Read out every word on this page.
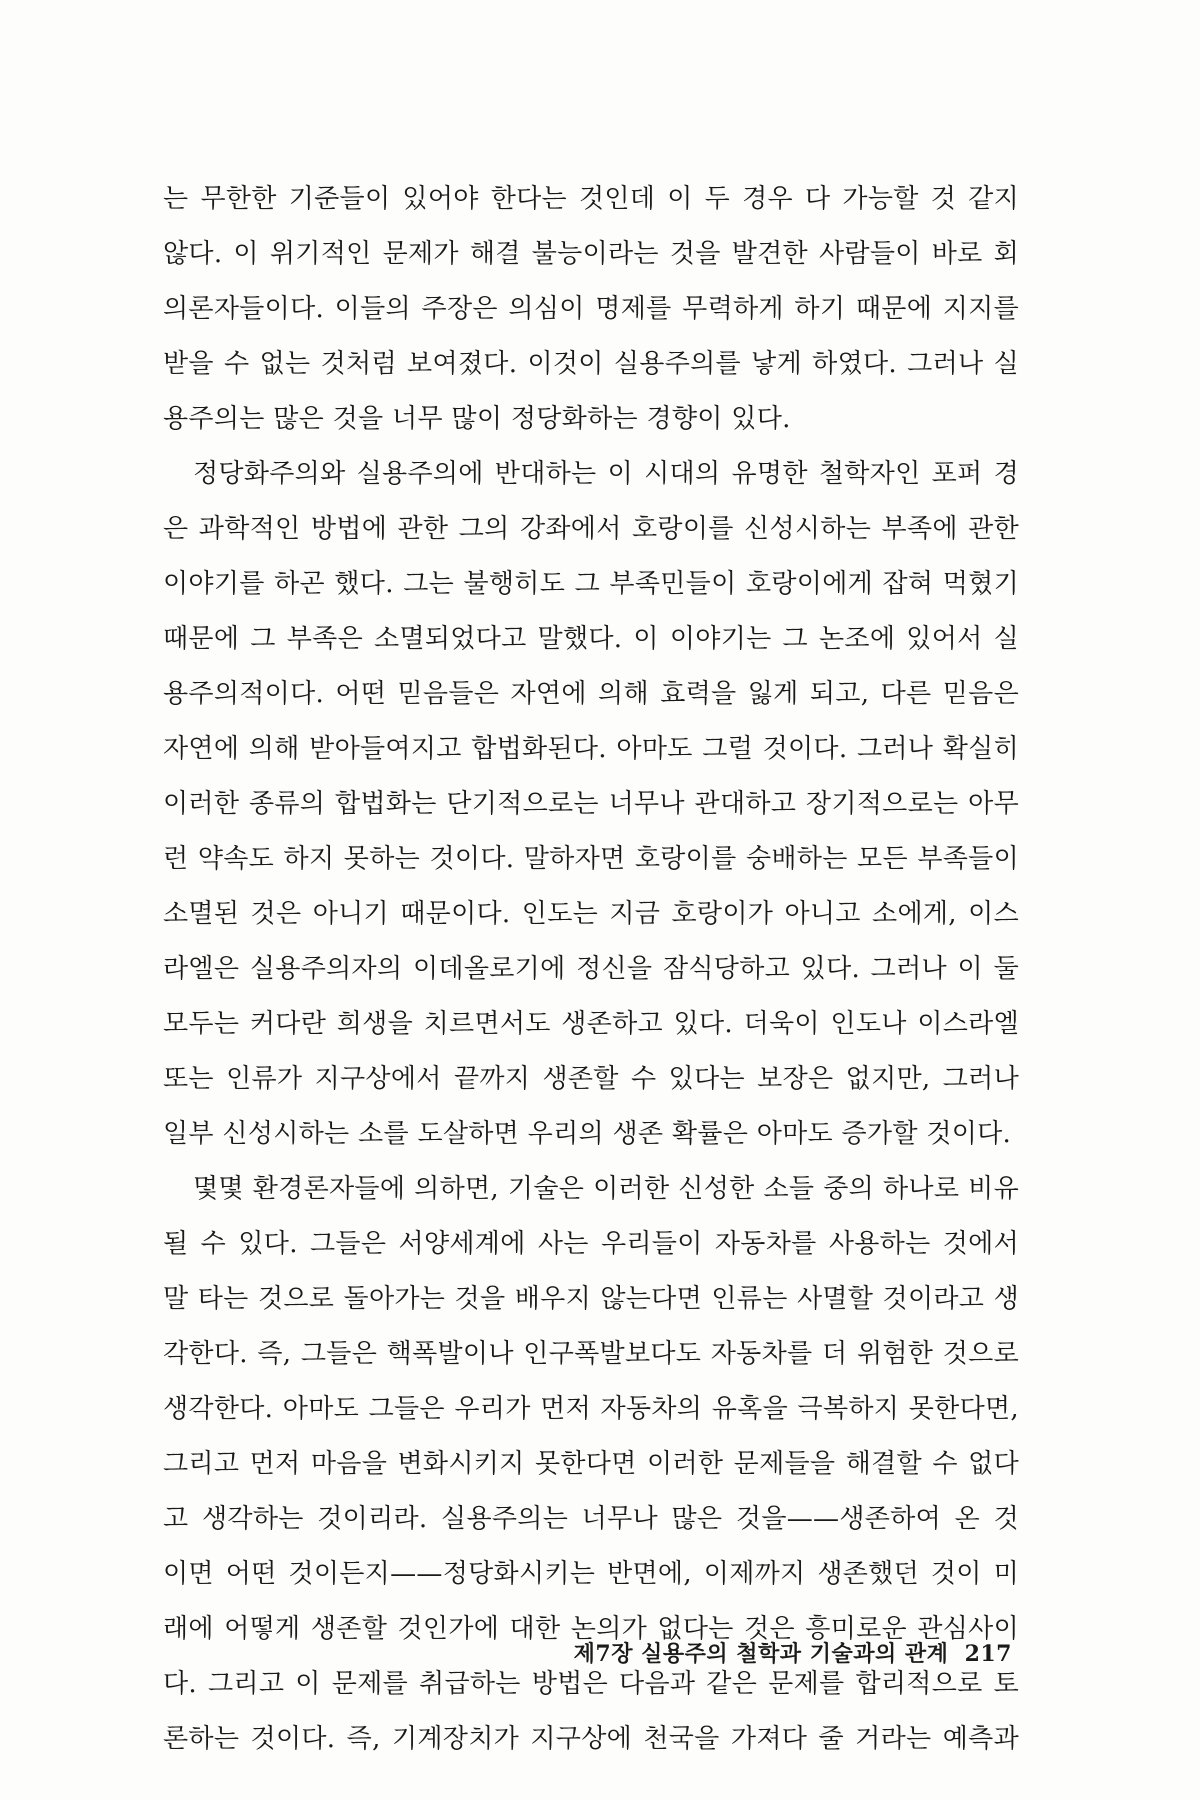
는 무한한 기준들이 있어야 한다는 것인데 이 두 경우 다 가능할 것 같지
않다. 이 위기적인 문제가 해결 불능이라는 것을 발견한 사람들이 바로 회
의론자들이다. 이들의 주장은 의심이 명제를 무력하게 하기 때문에 지지를
받을 수 없는 것처럼 보여졌다. 이것이 실용주의를 낳게 하였다. 그러나 실
용주의는 많은 것을 너무 많이 정당화하는 경향이 있다.
정당화주의와 실용주의에 반대하는 이 시대의 유명한 철학자인 포퍼 경
은 과학적인 방법에 관한 그의 강좌에서 호랑이를 신성시하는 부족에 관한
이야기를 하곤 했다. 그는 불행히도 그 부족민들이 호랑이에게 잡혀 먹혔기
때문에 그 부족은 소멸되었다고 말했다. 이 이야기는 그 논조에 있어서 실
용주의적이다. 어떤 믿음들은 자연에 의해 효력을 잃게 되고, 다른 믿음은
자연에 의해 받아들여지고 합법화된다. 아마도 그럴 것이다. 그러나 확실히
이러한 종류의 합법화는 단기적으로는 너무나 관대하고 장기적으로는 아무
런 약속도 하지 못하는 것이다. 말하자면 호랑이를 숭배하는 모든 부족들이
소멸된 것은 아니기 때문이다. 인도는 지금 호랑이가 아니고 소에게, 이스
라엘은 실용주의자의 이데올로기에 정신을 잠식당하고 있다. 그러나 이 둘
모두는 커다란 희생을 치르면서도 생존하고 있다. 더욱이 인도나 이스라엘
또는 인류가 지구상에서 끝까지 생존할 수 있다는 보장은 없지만, 그러나
일부 신성시하는 소를 도살하면 우리의 생존 확률은 아마도 증가할 것이다.
몇몇 환경론자들에 의하면, 기술은 이러한 신성한 소들 중의 하나로 비유
될 수 있다. 그들은 서양세계에 사는 우리들이 자동차를 사용하는 것에서
말 타는 것으로 돌아가는 것을 배우지 않는다면 인류는 사멸할 것이라고 생
각한다. 즉, 그들은 핵폭발이나 인구폭발보다도 자동차를 더 위험한 것으로
생각한다. 아마도 그들은 우리가 먼저 자동차의 유혹을 극복하지 못한다면,
그리고 먼저 마음을 변화시키지 못한다면 이러한 문제들을 해결할 수 없다
고 생각하는 것이리라. 실용주의는 너무나 많은 것을——생존하여 온 것
이면 어떤 것이든지——정당화시키는 반면에, 이제까지 생존했던 것이 미
래에 어떻게 생존할 것인가에 대한 논의가 없다는 것은 흥미로운 관심사이
다. 그리고 이 문제를 취급하는 방법은 다음과 같은 문제를 합리적으로 토
론하는 것이다. 즉, 기계장치가 지구상에 천국을 가져다 줄 거라는 예측과
제7장 실용주의 철학과 기술과의 관계 217
